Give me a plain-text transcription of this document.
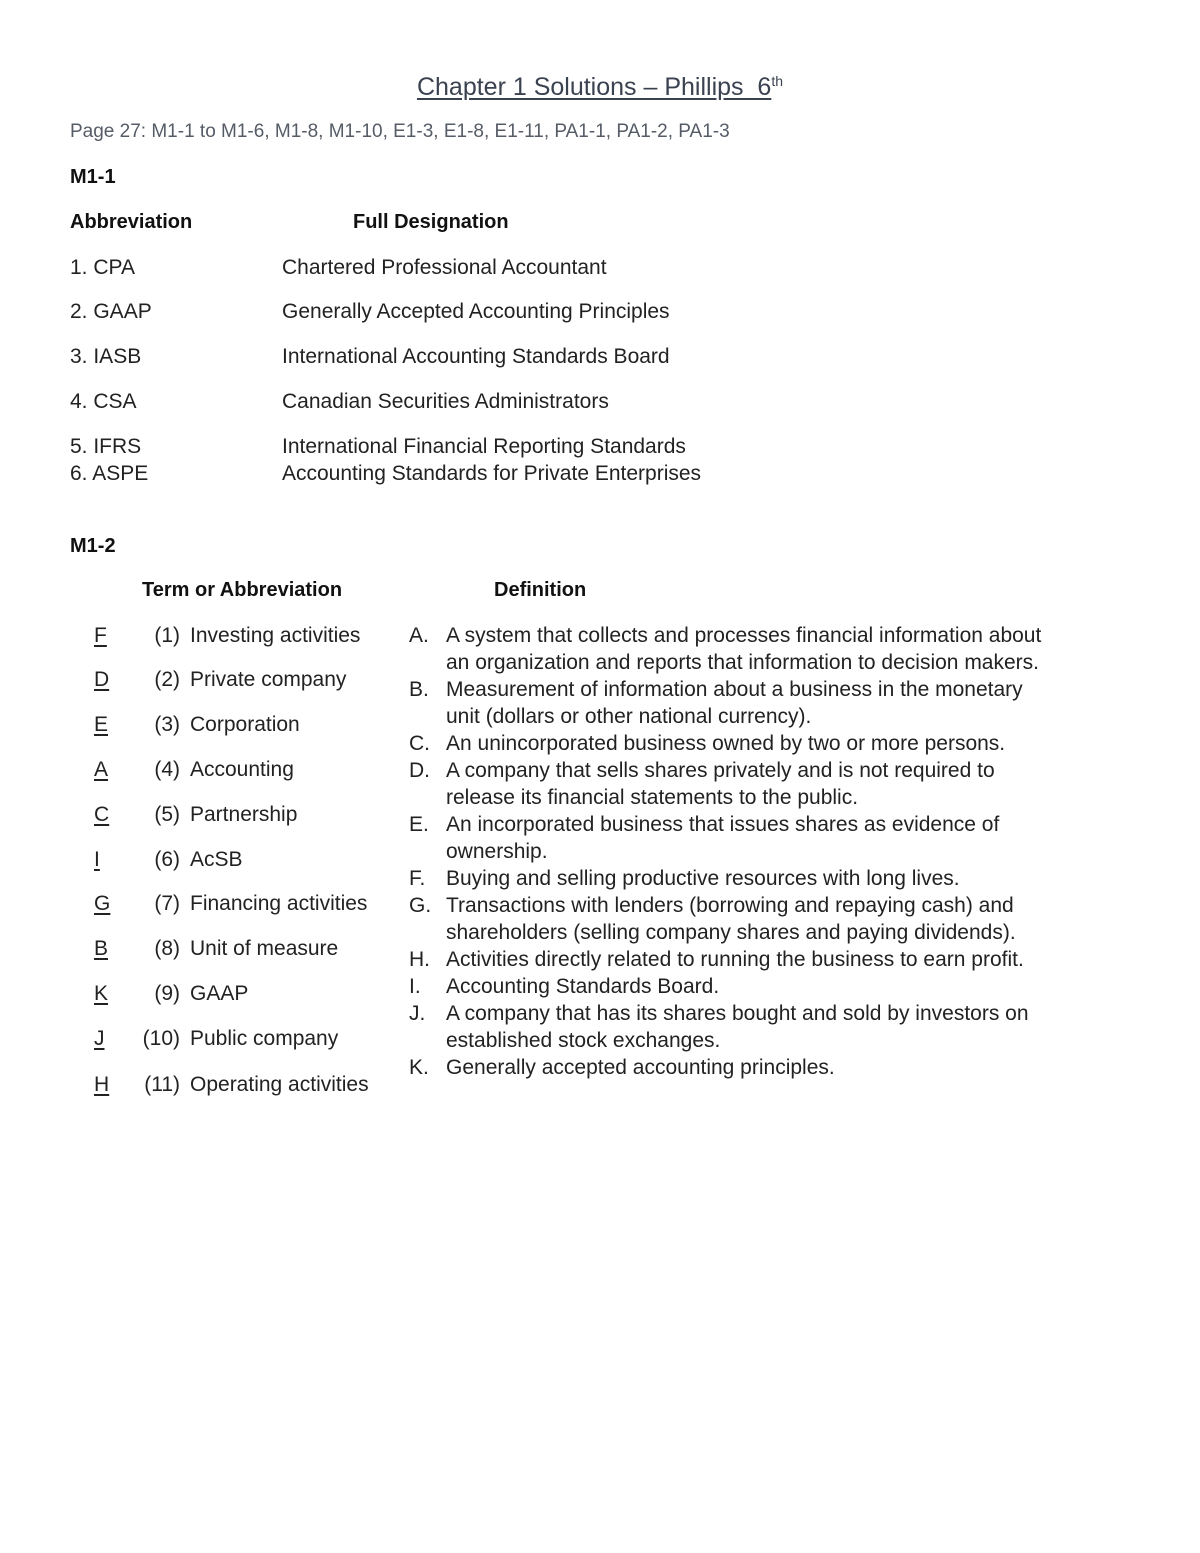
Chapter 1 Solutions – Phillips_6th
Page 27: M1-1 to M1-6, M1-8, M1-10, E1-3, E1-8, E1-11, PA1-1, PA1-2, PA1-3
M1-1
Abbreviation	Full Designation
1. CPA	Chartered Professional Accountant
2. GAAP	Generally Accepted Accounting Principles
3. IASB	International Accounting Standards Board
4. CSA	Canadian Securities Administrators
5. IFRS	International Financial Reporting Standards
6. ASPE	Accounting Standards for Private Enterprises
M1-2
Term or Abbreviation	Definition
F	(1) Investing activities
D	(2) Private company
E	(3) Corporation
A	(4) Accounting
C	(5) Partnership
I	(6) AcSB
G	(7) Financing activities
B	(8) Unit of measure
K	(9) GAAP
J	(10) Public company
H	(11) Operating activities
A. A system that collects and processes financial information about an organization and reports that information to decision makers.
B. Measurement of information about a business in the monetary unit (dollars or other national currency).
C. An unincorporated business owned by two or more persons.
D. A company that sells shares privately and is not required to release its financial statements to the public.
E. An incorporated business that issues shares as evidence of ownership.
F. Buying and selling productive resources with long lives.
G. Transactions with lenders (borrowing and repaying cash) and shareholders (selling company shares and paying dividends).
H. Activities directly related to running the business to earn profit.
I. Accounting Standards Board.
J. A company that has its shares bought and sold by investors on established stock exchanges.
K. Generally accepted accounting principles.
